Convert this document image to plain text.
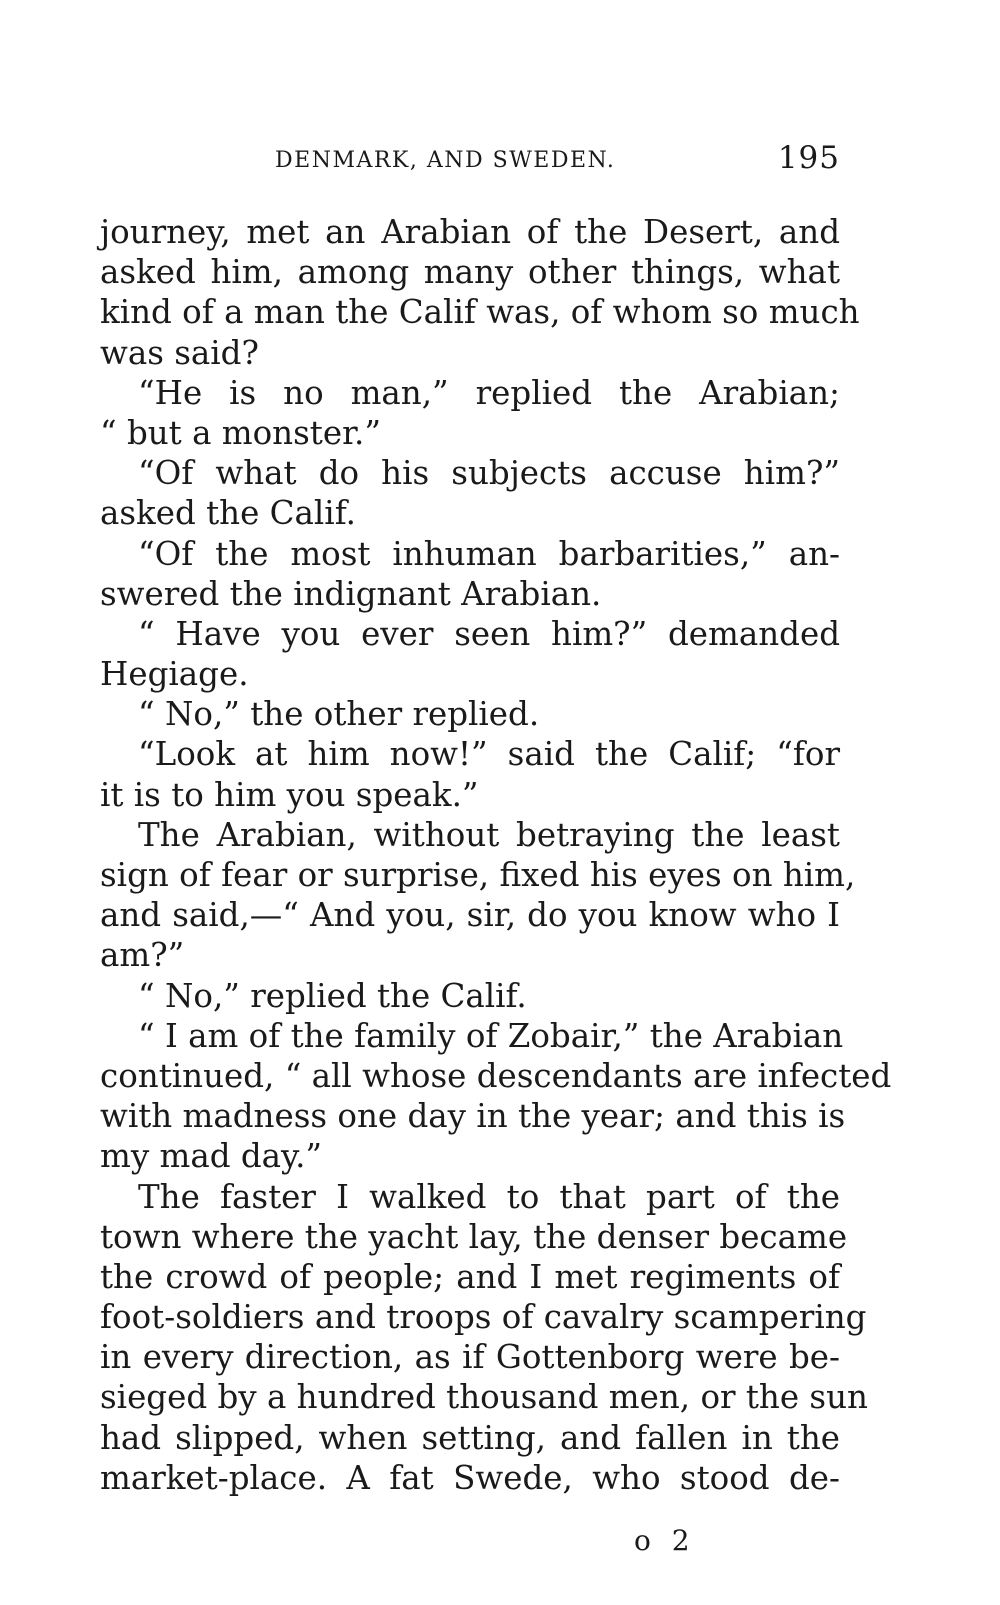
DENMARK, AND SWEDEN.	195
journey, met an Arabian of the Desert, and
asked him, among many other things, what
kind of a man the Calif was, of whom so much
was said?
“He is no man,” replied the Arabian;
“ but a monster.”
“Of what do his subjects accuse him?”
asked the Calif.
“Of the most inhuman barbarities,” an-
swered the indignant Arabian.
“ Have you ever seen him?” demanded
Hegiage.
“ No,” the other replied.
“Look at him now!” said the Calif; “for
it is to him you speak.”
The Arabian, without betraying the least
sign of fear or surprise, fixed his eyes on him,
and said,—“ And you, sir, do you know who I
am?”
“ No,” replied the Calif.
“ I am of the family of Zobair,” the Arabian
continued, “ all whose descendants are infected
with madness one day in the year; and this is
my mad day.”
The faster I walked to that part of the
town where the yacht lay, the denser became
the crowd of people; and I met regiments of
foot-soldiers and troops of cavalry scampering
in every direction, as if Gottenborg were be-
sieged by a hundred thousand men, or the sun
had slipped, when setting, and fallen in the
market-place. A fat Swede, who stood de-
o 2
